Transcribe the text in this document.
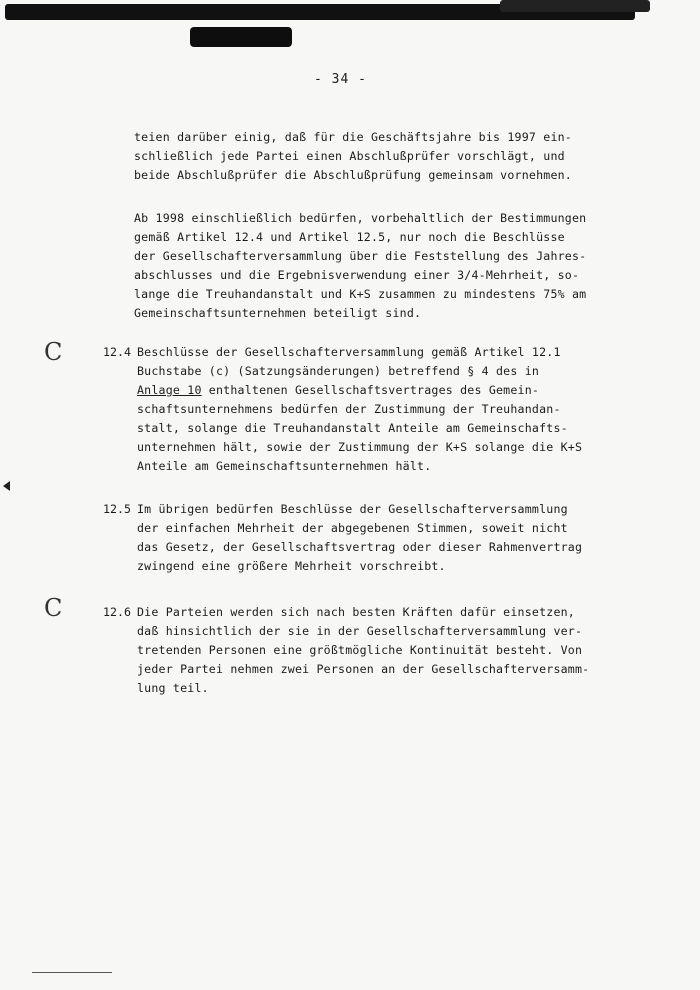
- 34 -
teien darüber einig, daß für die Geschäftsjahre bis 1997 ein-
schließlich jede Partei einen Abschlußprüfer vorschlägt, und
beide Abschlußprüfer die Abschlußprüfung gemeinsam vornehmen.
Ab 1998 einschließlich bedürfen, vorbehaltlich der Bestimmungen
gemäß Artikel 12.4 und Artikel 12.5, nur noch die Beschlüsse
der Gesellschafterversammlung über die Feststellung des Jahres-
abschlusses und die Ergebnisverwendung einer 3/4-Mehrheit, so-
lange die Treuhandanstalt und K+S zusammen zu mindestens 75% am
Gemeinschaftsunternehmen beteiligt sind.
C	12.4 Beschlüsse der Gesellschafterversammlung gemäß Artikel 12.1
Buchstabe (c) (Satzungsänderungen) betreffend § 4 des in
Anlage 10 enthaltenen Gesellschaftsvertrages des Gemein-
schaftsunternehmens bedürfen der Zustimmung der Treuhandan-
stalt, solange die Treuhandanstalt Anteile am Gemeinschafts-
unternehmen hält, sowie der Zustimmung der K+S solange die K+S
Anteile am Gemeinschaftsunternehmen hält.
12.5 Im übrigen bedürfen Beschlüsse der Gesellschafterversammlung
der einfachen Mehrheit der abgegebenen Stimmen, soweit nicht
das Gesetz, der Gesellschaftsvertrag oder dieser Rahmenvertrag
zwingend eine größere Mehrheit vorschreibt.
C	12.6 Die Parteien werden sich nach besten Kräften dafür einsetzen,
daß hinsichtlich der sie in der Gesellschafterversammlung ver-
tretenden Personen eine größtmögliche Kontinuität besteht. Von
jeder Partei nehmen zwei Personen an der Gesellschafterversamm-
lung teil.
